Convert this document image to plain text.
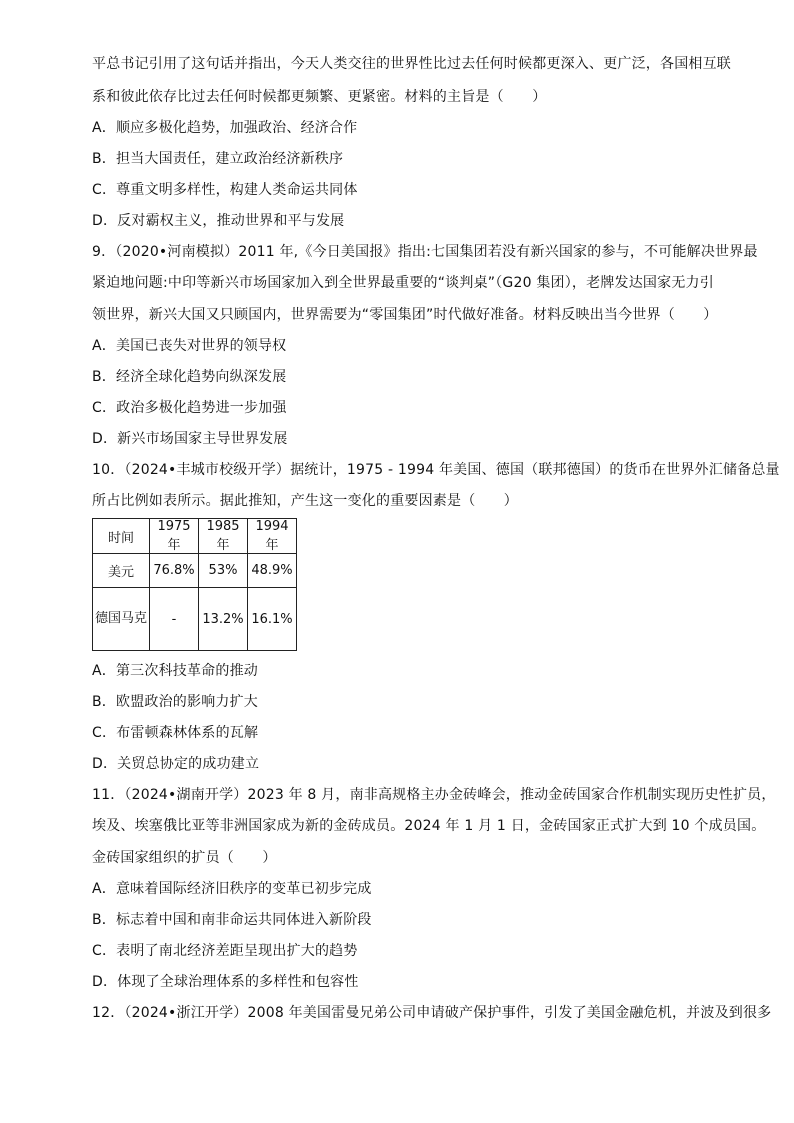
平总书记引用了这句话并指出，今天人类交往的世界性比过去任何时候都更深入、更广泛，各国相互联
系和彼此依存比过去任何时候都更频繁、更紧密。材料的主旨是（　　）
A．顺应多极化趋势，加强政治、经济合作
B．担当大国责任，建立政治经济新秩序
C．尊重文明多样性，构建人类命运共同体
D．反对霸权主义，推动世界和平与发展
9．（2020•河南模拟）2011 年,《今日美国报》指出:七国集团若没有新兴国家的参与，不可能解决世界最
紧迫地问题:中印等新兴市场国家加入到全世界最重要的“谈判桌”（G20 集团），老牌发达国家无力引
领世界，新兴大国又只顾国内，世界需要为“零国集团”时代做好准备。材料反映出当今世界（　　）
A．美国已丧失对世界的领导权
B．经济全球化趋势向纵深发展
C．政治多极化趋势进一步加强
D．新兴市场国家主导世界发展
10．（2024•丰城市校级开学）据统计，1975 - 1994 年美国、德国（联邦德国）的货币在世界外汇储备总量
所占比例如表所示。据此推知，产生这一变化的重要因素是（　　）
时间	1975 年	1985 年	1994 年
美元	76.8%	53%	48.9%
德国马克	-	13.2%	16.1%
A．第三次科技革命的推动
B．欧盟政治的影响力扩大
C．布雷顿森林体系的瓦解
D．关贸总协定的成功建立
11．（2024•湖南开学）2023 年 8 月，南非高规格主办金砖峰会，推动金砖国家合作机制实现历史性扩员，
埃及、埃塞俄比亚等非洲国家成为新的金砖成员。2024 年 1 月 1 日，金砖国家正式扩大到 10 个成员国。
金砖国家组织的扩员（　　）
A．意味着国际经济旧秩序的变革已初步完成
B．标志着中国和南非命运共同体进入新阶段
C．表明了南北经济差距呈现出扩大的趋势
D．体现了全球治理体系的多样性和包容性
12．（2024•浙江开学）2008 年美国雷曼兄弟公司申请破产保护事件，引发了美国金融危机，并波及到很多
